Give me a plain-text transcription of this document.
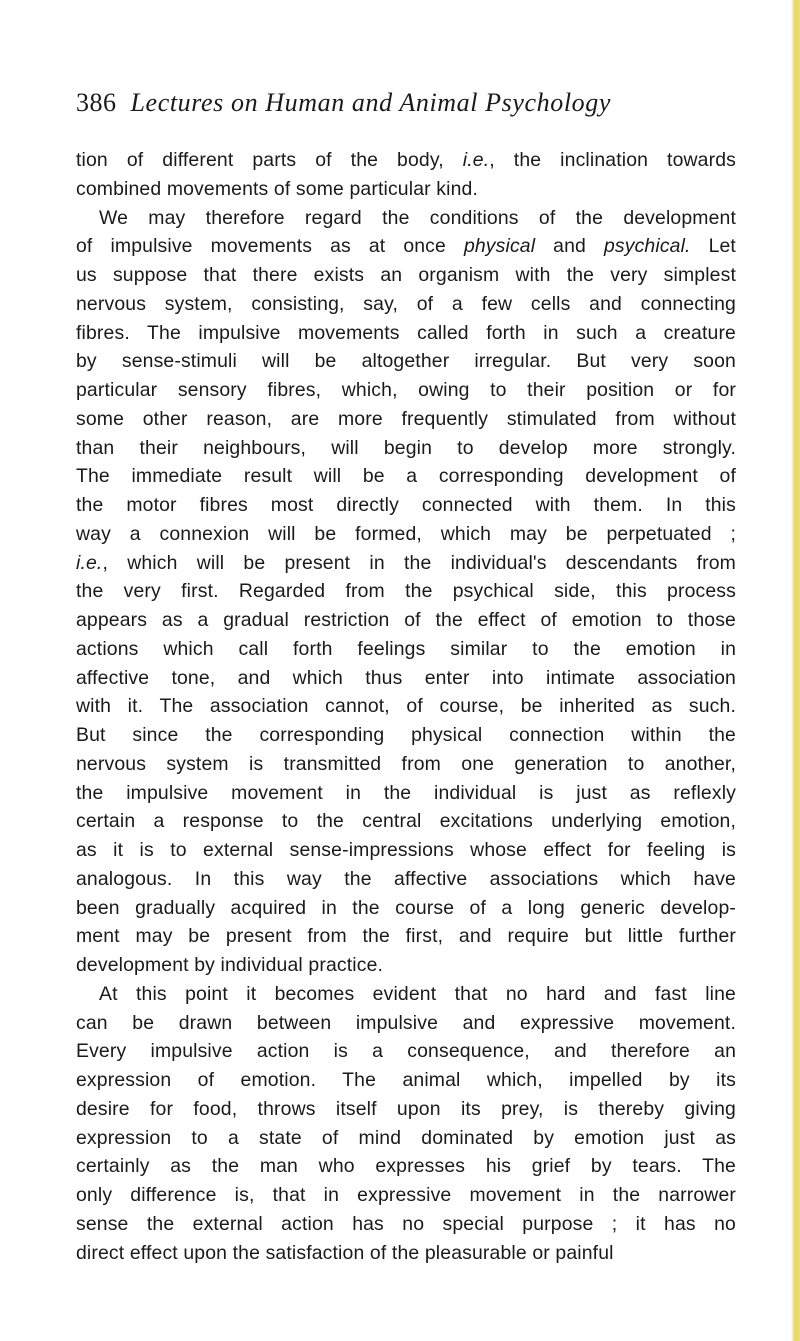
386 Lectures on Human and Animal Psychology
tion of different parts of the body, i.e., the inclination towards
combined movements of some particular kind.
We may therefore regard the conditions of the development
of impulsive movements as at once physical and psychical. Let
us suppose that there exists an organism with the very simplest
nervous system, consisting, say, of a few cells and connecting
fibres. The impulsive movements called forth in such a creature
by sense-stimuli will be altogether irregular. But very soon
particular sensory fibres, which, owing to their position or for
some other reason, are more frequently stimulated from without
than their neighbours, will begin to develop more strongly.
The immediate result will be a corresponding development of
the motor fibres most directly connected with them. In this
way a connexion will be formed, which may be perpetuated ;
i.e., which will be present in the individual's descendants from
the very first. Regarded from the psychical side, this process
appears as a gradual restriction of the effect of emotion to those
actions which call forth feelings similar to the emotion in
affective tone, and which thus enter into intimate association
with it. The association cannot, of course, be inherited as such.
But since the corresponding physical connection within the
nervous system is transmitted from one generation to another,
the impulsive movement in the individual is just as reflexly
certain a response to the central excitations underlying emotion,
as it is to external sense-impressions whose effect for feeling is
analogous. In this way the affective associations which have
been gradually acquired in the course of a long generic develop-
ment may be present from the first, and require but little further
development by individual practice.
At this point it becomes evident that no hard and fast line
can be drawn between impulsive and expressive movement.
Every impulsive action is a consequence, and therefore an
expression of emotion. The animal which, impelled by its
desire for food, throws itself upon its prey, is thereby giving
expression to a state of mind dominated by emotion just as
certainly as the man who expresses his grief by tears. The
only difference is, that in expressive movement in the narrower
sense the external action has no special purpose ; it has no
direct effect upon the satisfaction of the pleasurable or painful
